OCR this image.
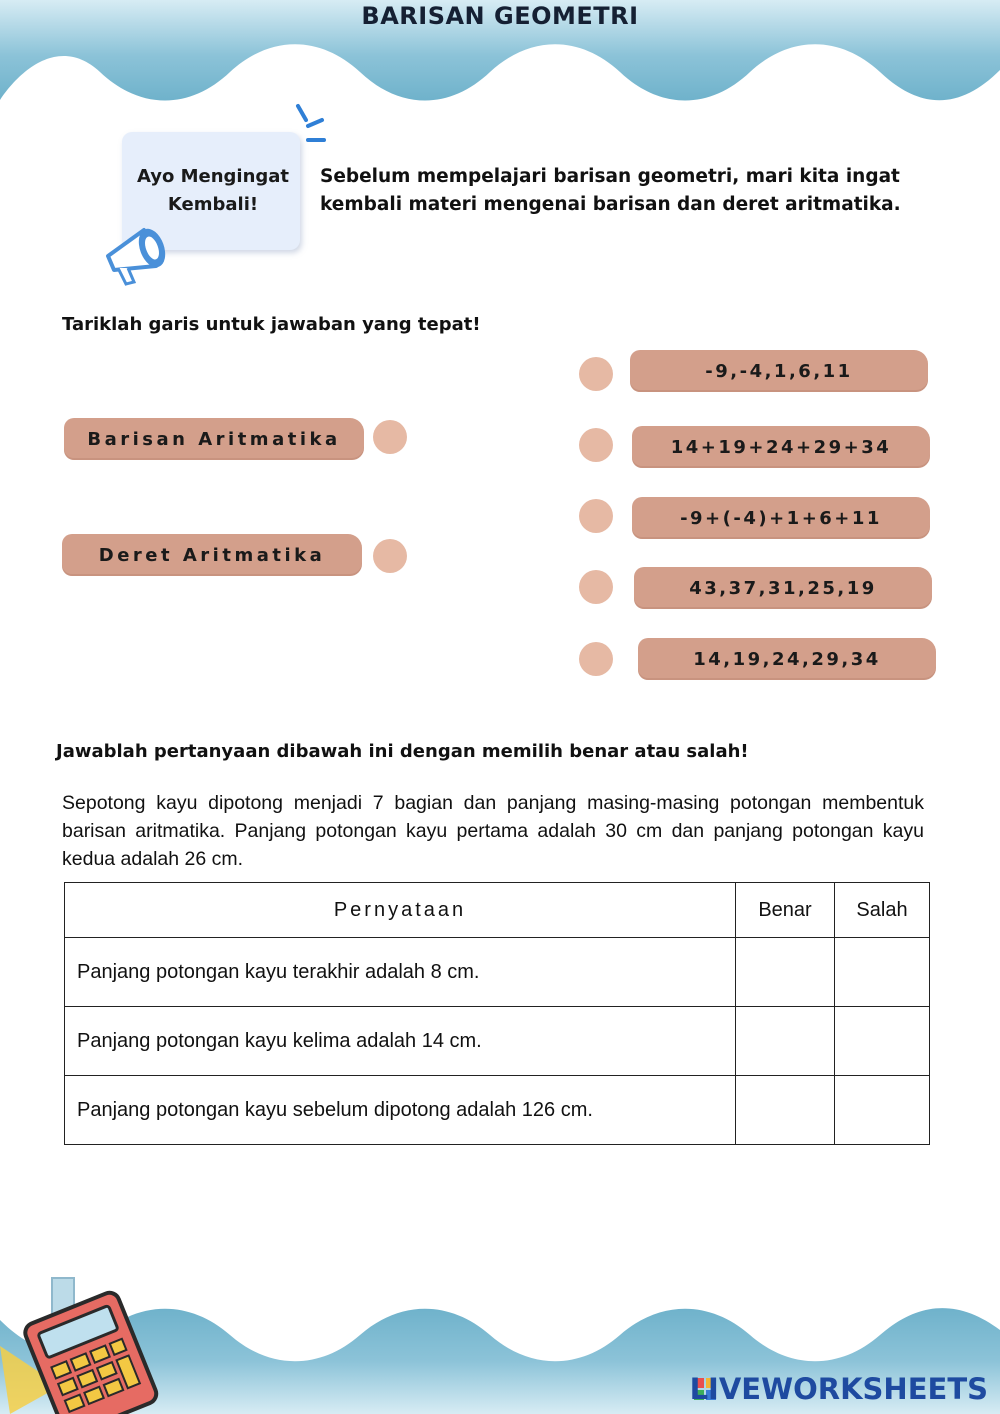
BARISAN GEOMETRI
Ayo Mengingat Kembali!
Sebelum mempelajari barisan geometri, mari kita ingat kembali materi mengenai barisan dan deret aritmatika.
Tariklah garis untuk jawaban yang tepat!
Barisan Aritmatika
Deret Aritmatika
-9,-4,1,6,11
14+19+24+29+34
-9+(-4)+1+6+11
43,37,31,25,19
14,19,24,29,34
Jawablah pertanyaan dibawah ini dengan memilih benar atau salah!
Sepotong kayu dipotong menjadi 7 bagian dan panjang masing-masing potongan membentuk barisan aritmatika. Panjang potongan kayu pertama adalah 30 cm dan panjang potongan kayu kedua adalah 26 cm.
Pernyataan	Benar	Salah
Panjang potongan kayu terakhir adalah 8 cm.		
Panjang potongan kayu kelima adalah 14 cm.		
Panjang potongan kayu sebelum dipotong adalah 126 cm.		
LIVEWORKSHEETS
